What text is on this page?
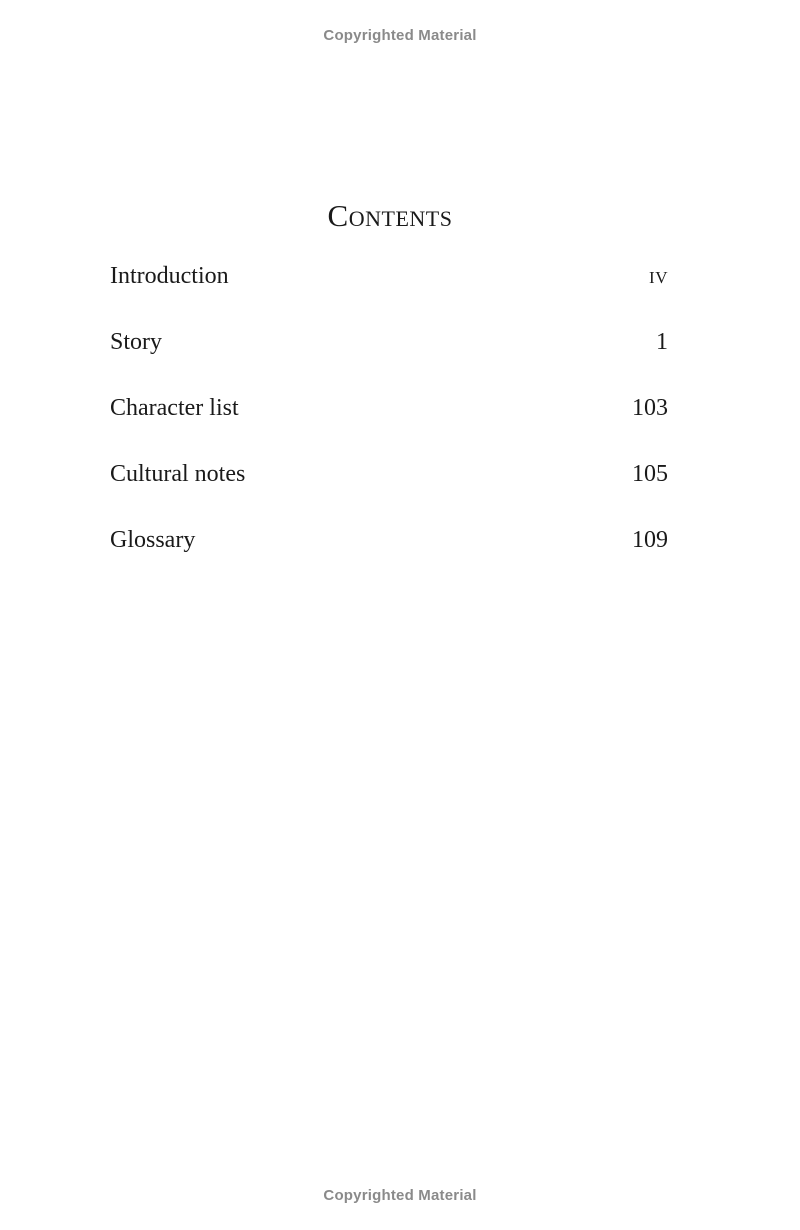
Copyrighted Material
Contents
Introduction	iv
Story	1
Character list	103
Cultural notes	105
Glossary	109
Copyrighted Material
